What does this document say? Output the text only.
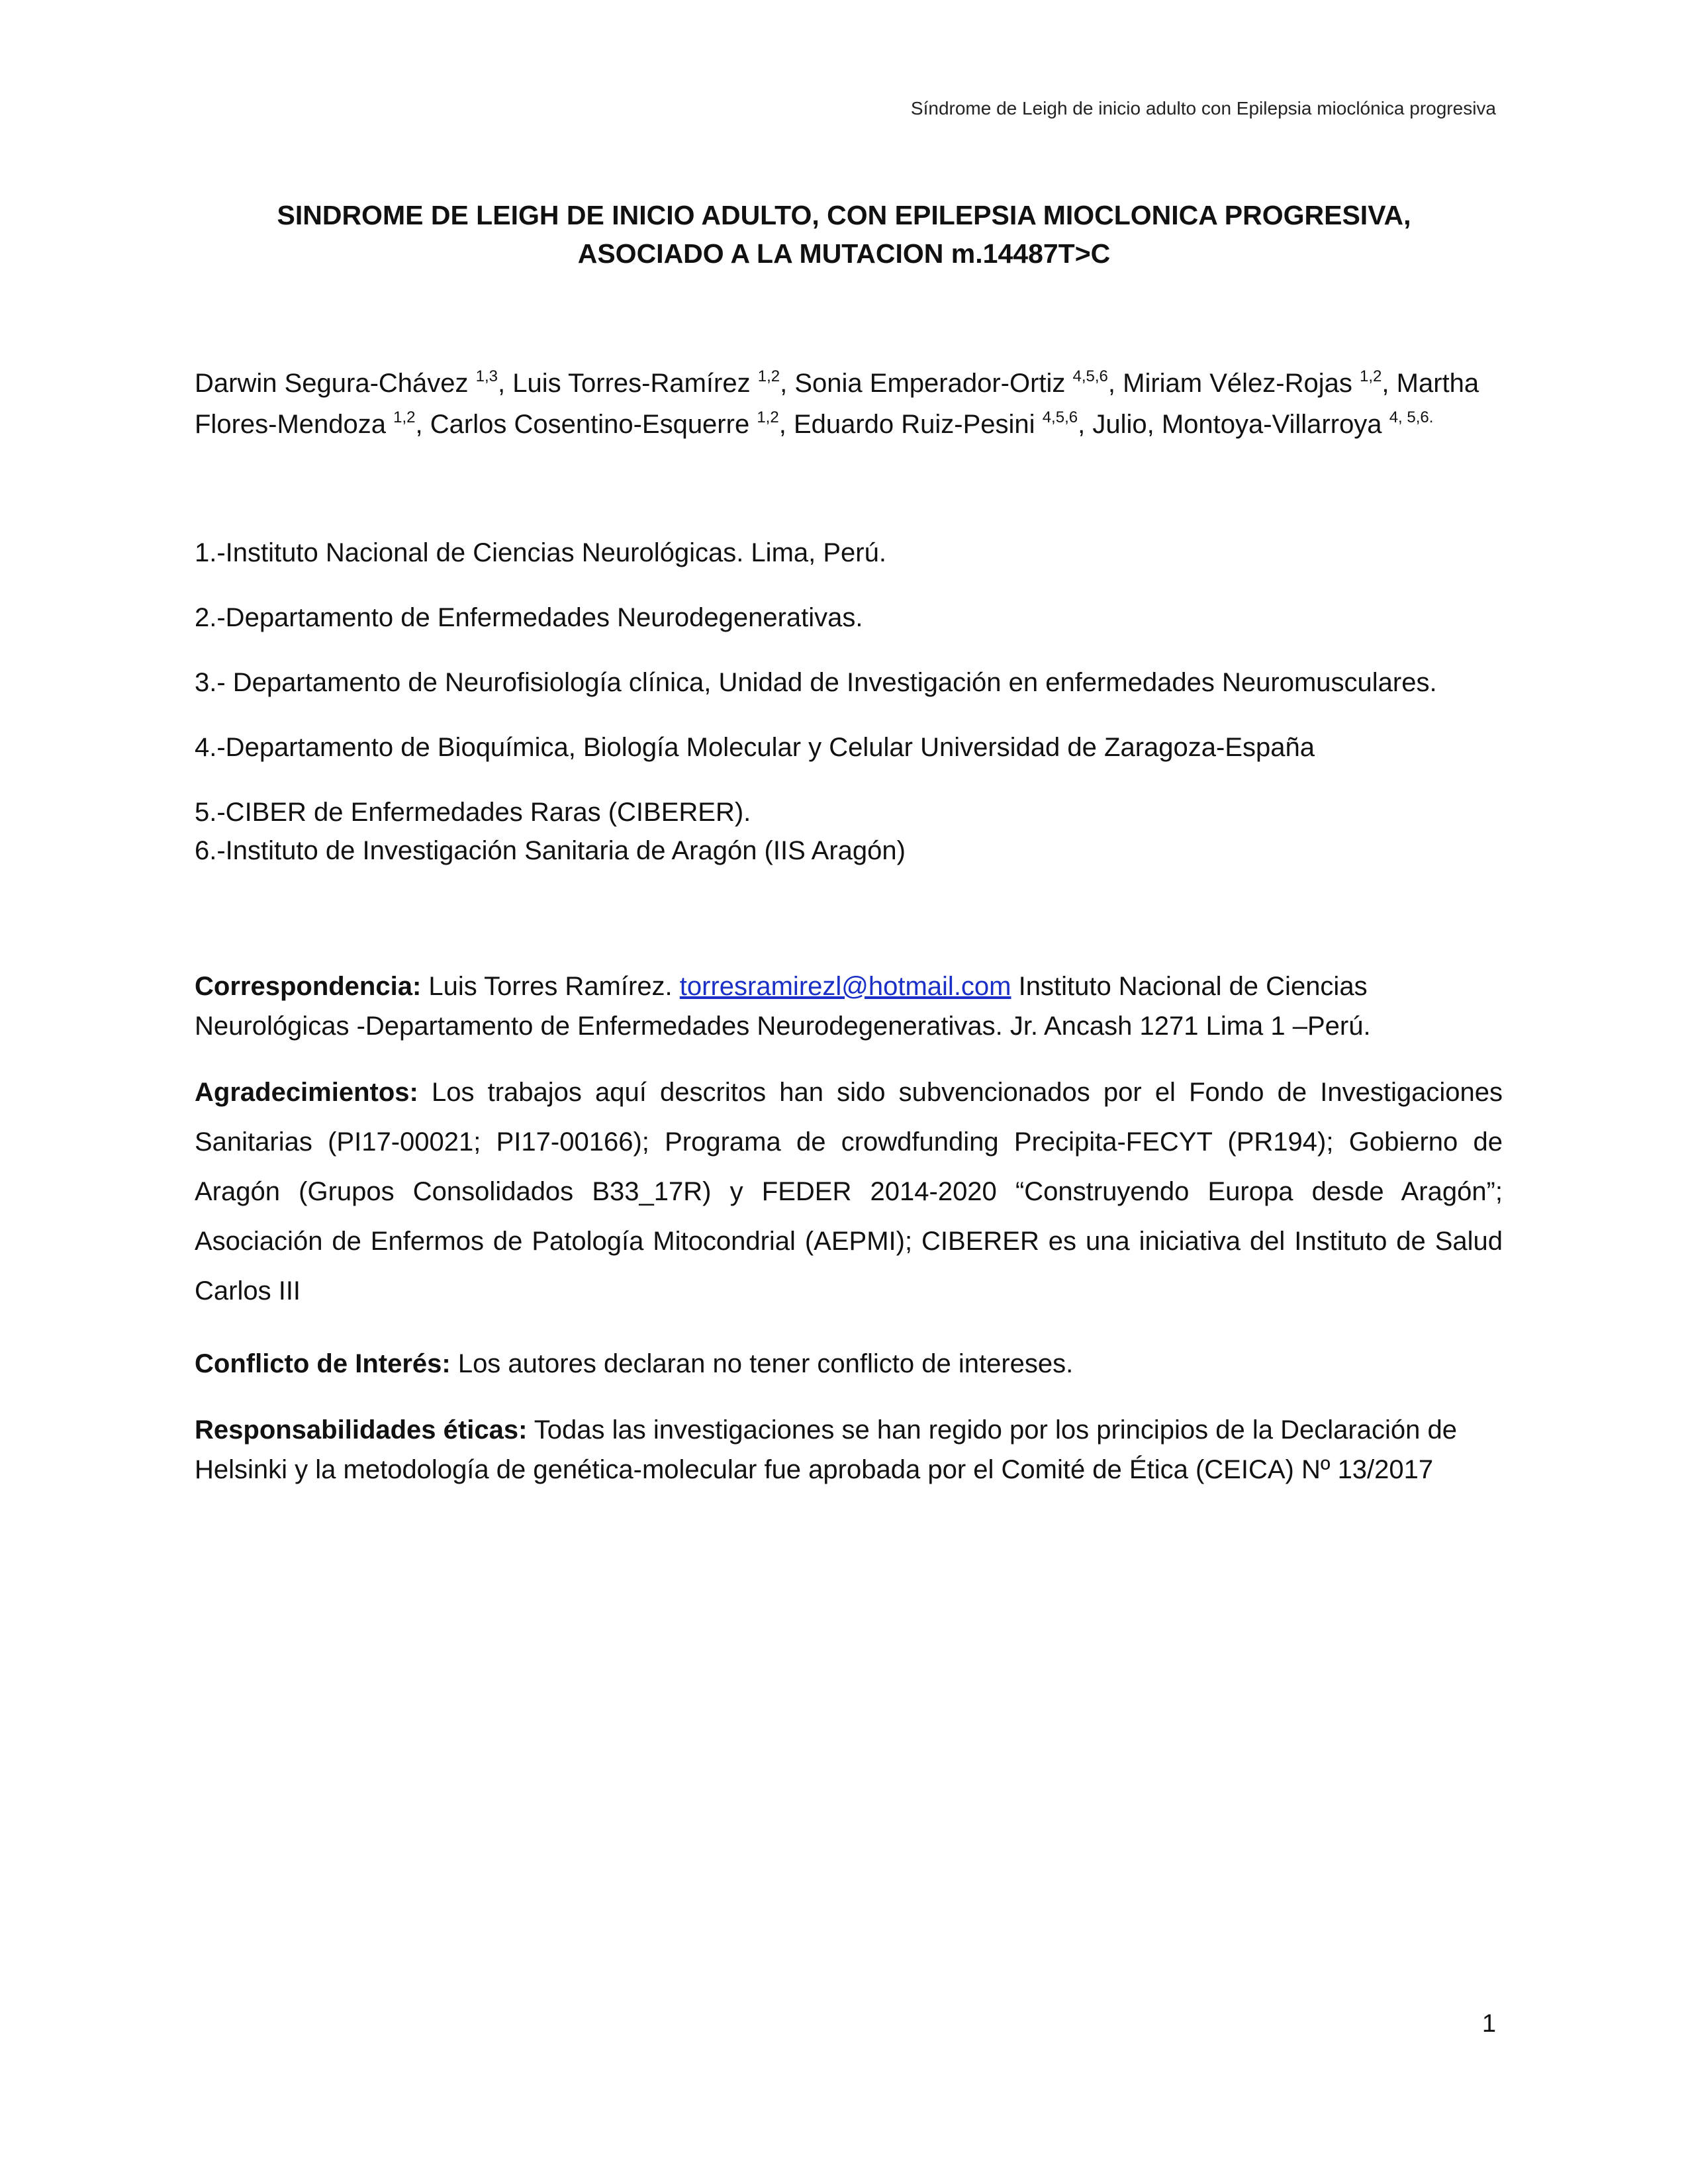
Síndrome de Leigh de inicio adulto con Epilepsia mioclónica progresiva
SINDROME DE LEIGH DE INICIO ADULTO, CON EPILEPSIA MIOCLONICA PROGRESIVA,
ASOCIADO A LA MUTACION m.14487T>C
Darwin Segura-Chávez $^{1,3}$, Luis Torres-Ramírez $^{1,2}$, Sonia Emperador-Ortiz $^{4,5,6}$, Miriam Vélez-Rojas $^{1,2}$, Martha Flores-Mendoza $^{1,2}$, Carlos Cosentino-Esquerre $^{1,2}$, Eduardo Ruiz-Pesini $^{4,5,6}$, Julio, Montoya-Villarroya $^{4, 5,6.}$
1.-Instituto Nacional de Ciencias Neurológicas. Lima, Perú.
2.-Departamento de Enfermedades Neurodegenerativas.
3.- Departamento de Neurofisiología clínica, Unidad de Investigación en enfermedades Neuromusculares.
4.-Departamento de Bioquímica, Biología Molecular y Celular Universidad de Zaragoza-España
5.-CIBER de Enfermedades Raras (CIBERER).
6.-Instituto de Investigación Sanitaria de Aragón (IIS Aragón)
Correspondencia: Luis Torres Ramírez. torresramirezl@hotmail.com Instituto Nacional de Ciencias Neurológicas -Departamento de Enfermedades Neurodegenerativas. Jr. Ancash 1271 Lima 1 –Perú.
Agradecimientos: Los trabajos aquí descritos han sido subvencionados por el Fondo de Investigaciones Sanitarias (PI17-00021; PI17-00166); Programa de crowdfunding Precipita-FECYT (PR194); Gobierno de Aragón (Grupos Consolidados B33_17R) y FEDER 2014-2020 “Construyendo Europa desde Aragón”; Asociación de Enfermos de Patología Mitocondrial (AEPMI); CIBERER es una iniciativa del Instituto de Salud Carlos III
Conflicto de Interés: Los autores declaran no tener conflicto de intereses.
Responsabilidades éticas: Todas las investigaciones se han regido por los principios de la Declaración de Helsinki y la metodología de genética-molecular fue aprobada por el Comité de Ética (CEICA) Nº 13/2017
1
